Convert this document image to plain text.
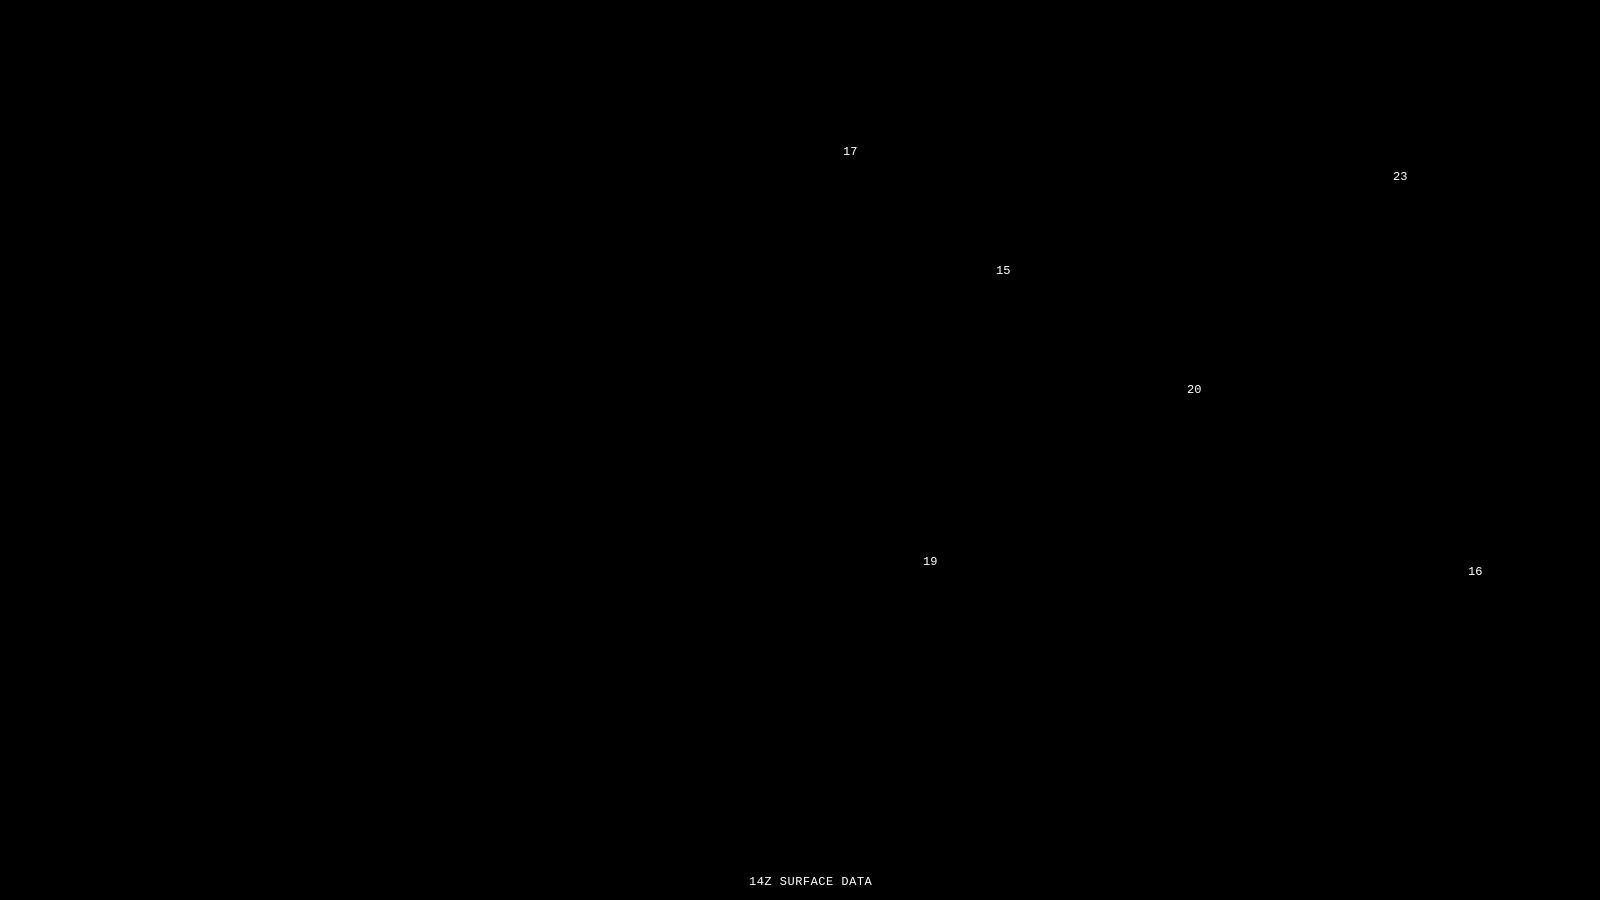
17
23
15
20
19
16
14Z SURFACE DATA
